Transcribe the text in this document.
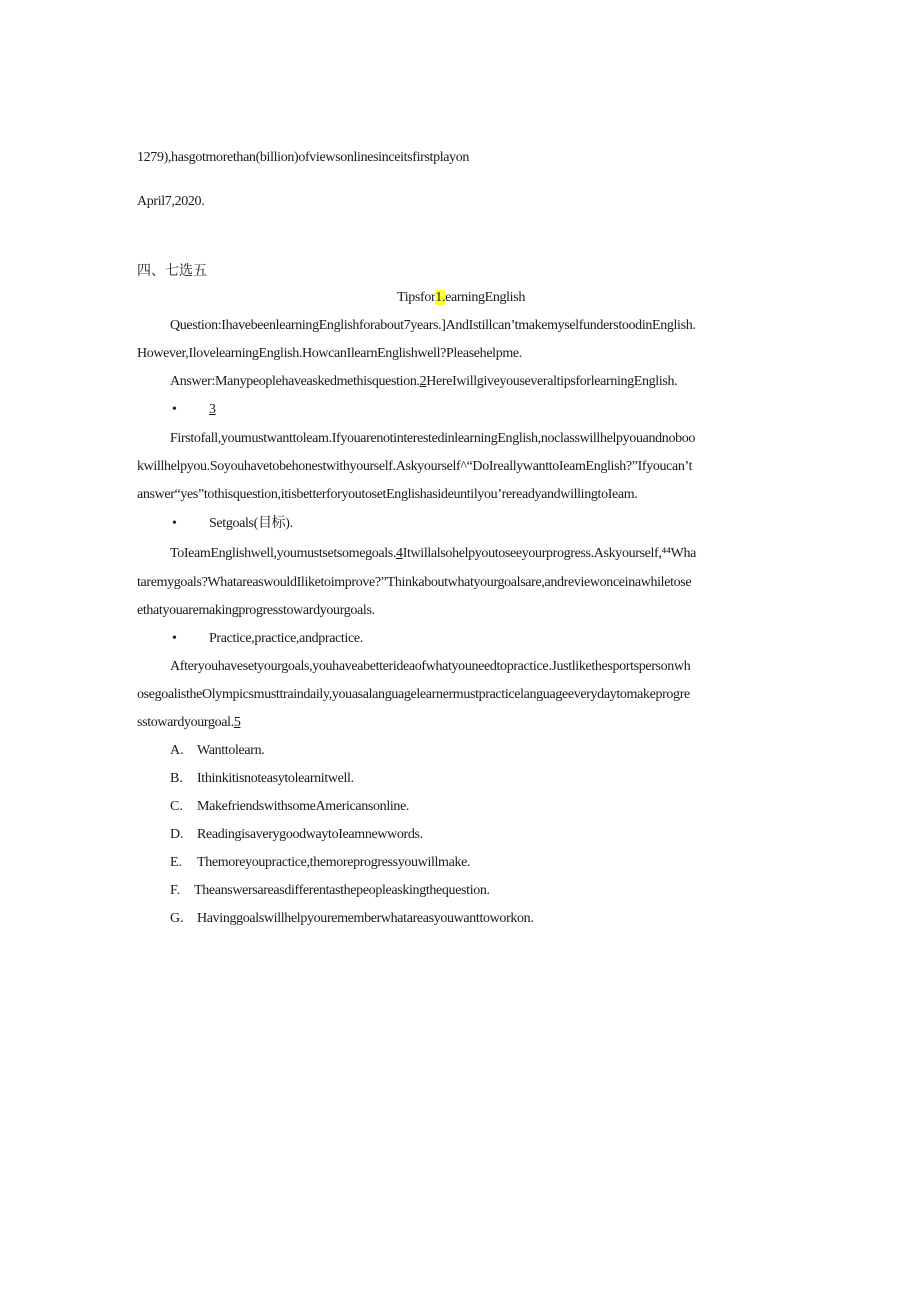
1279),hasgotmorethan(billion)ofviewsonlinesinceitsfirstplayon
April7,2020.
四、七选五
Tipsfor1.earningEnglish
Question:IhavebeenlearningEnglishforabout7years.]AndIstillcan’tmakemyselfunderstoodinEnglish.
However,IlovelearningEnglish.HowcanIlearnEnglishwell?Pleasehelpme.
Answer:Manypeoplehaveaskedmethisquestion.2HereIwillgiveyouseveraltipsforlearningEnglish.
• 3
Firstofall,youmustwanttoleam.IfyouarenotinterestedinlearningEnglish,noclasswillhelpyouandnoboo
kwillhelpyou.Soyouhavetobehonestwithyourself.Askyourself^“DoIreallywanttoIeamEnglish?”Ifyoucan’t
answer“yes”tothisquestion,itisbetterforyoutosetEnglishasideuntilyou’rereadyandwillingtoIeam.
• Setgoals(目标).
ToIeamEnglishwell,youmustsetsomegoals.4Itwillalsohelpyoutoseeyourprogress.Askyourself,⁴⁴Wha
taremygoals?WhatareaswouldIliketoimprove?”Thinkaboutwhatyourgoalsare,andreviewonceinawhiletose
ethatyouaremakingprogresstowardyourgoals.
• Practice,practice,andpractice.
Afteryouhavesetyourgoals,youhaveabetterideaofwhatyouneedtopractice.Justlikethesportspersonwh
osegoalistheOlympicsmusttraindaily,youasalanguagelearnermustpracticelanguageeverydaytomakeprogre
sstowardyourgoal.5
A. Wanttolearn.
B. Ithinkitisnoteasytolearnitwell.
C. MakefriendswithsomeAmericansonline.
D. ReadingisaverygoodwaytoIeamnewwords.
E. Themoreyoupractice,themoreprogressyouwillmake.
F. Theanswersareasdifferentasthepeopleaskingthequestion.
G. Havinggoalswillhelpyourememberwhatareasyouwanttoworkon.
